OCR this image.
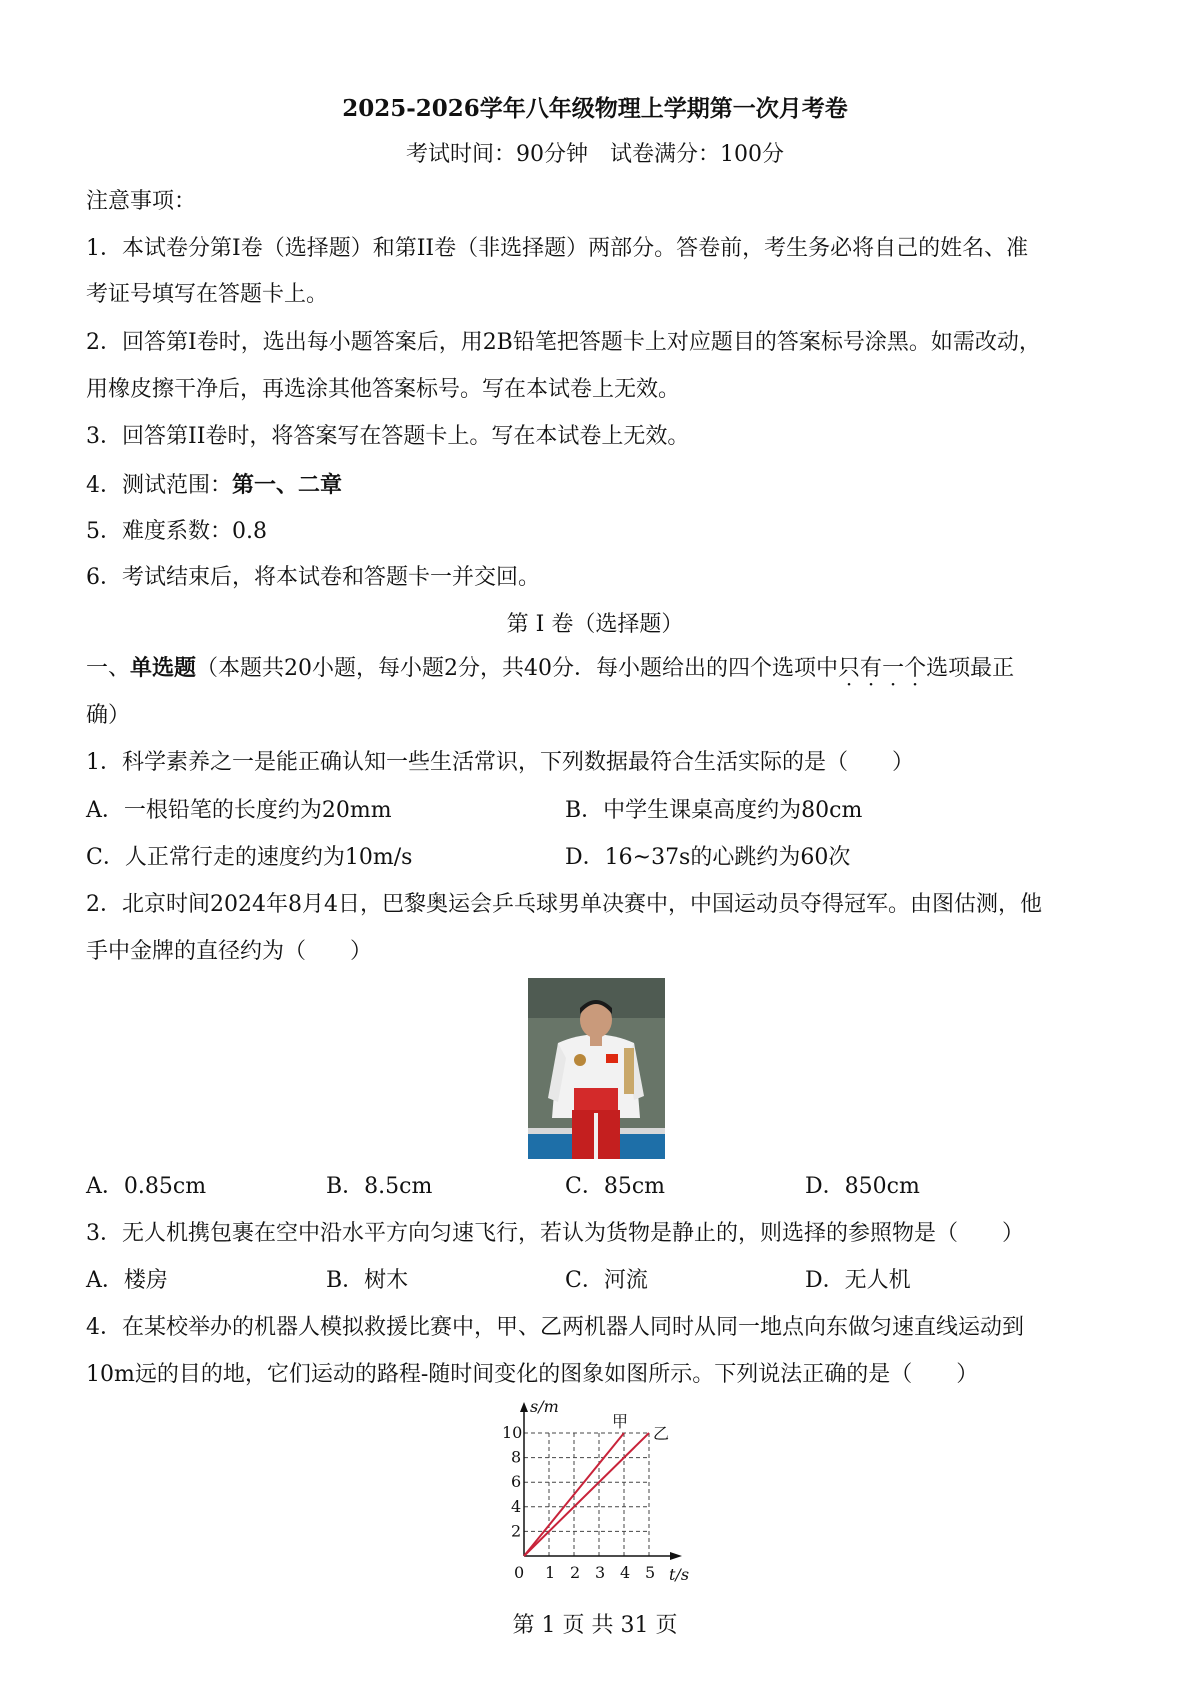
2025-2026学年八年级物理上学期第一次月考卷
考试时间：90分钟　试卷满分：100分
注意事项：
1．本试卷分第I卷（选择题）和第II卷（非选择题）两部分。答卷前，考生务必将自己的姓名、准
考证号填写在答题卡上。
2．回答第I卷时，选出每小题答案后，用2B铅笔把答题卡上对应题目的答案标号涂黑。如需改动，
用橡皮擦干净后，再选涂其他答案标号。写在本试卷上无效。
3．回答第II卷时，将答案写在答题卡上。写在本试卷上无效。
4．测试范围：第一、二章
5．难度系数：0.8
6．考试结束后，将本试卷和答题卡一并交回。
第 I 卷（选择题）
一、单选题（本题共20小题，每小题2分，共40分．每小题给出的四个选项中只有一个选项最正
确）
1．科学素养之一是能正确认知一些生活常识，下列数据最符合生活实际的是（　　）
A．一根铅笔的长度约为20mm	B．中学生课桌高度约为80cm
C．人正常行走的速度约为10m/s	D．16~37s的心跳约为60次
2．北京时间2024年8月4日，巴黎奥运会乒乓球男单决赛中，中国运动员夺得冠军。由图估测，他
手中金牌的直径约为（　　）
A．0.85cm	B．8.5cm	C．85cm	D．850cm
3．无人机携包裹在空中沿水平方向匀速飞行，若认为货物是静止的，则选择的参照物是（　　）
A．楼房	B．树木	C．河流	D．无人机
4．在某校举办的机器人模拟救援比赛中，甲、乙两机器人同时从同一地点向东做匀速直线运动到
10m远的目的地，它们运动的路程-随时间变化的图象如图所示。下列说法正确的是（　　）
甲
乙
0 1 2 3 4 5
2
4
6
8
10
s/m
t/s
第 1 页 共 31 页
